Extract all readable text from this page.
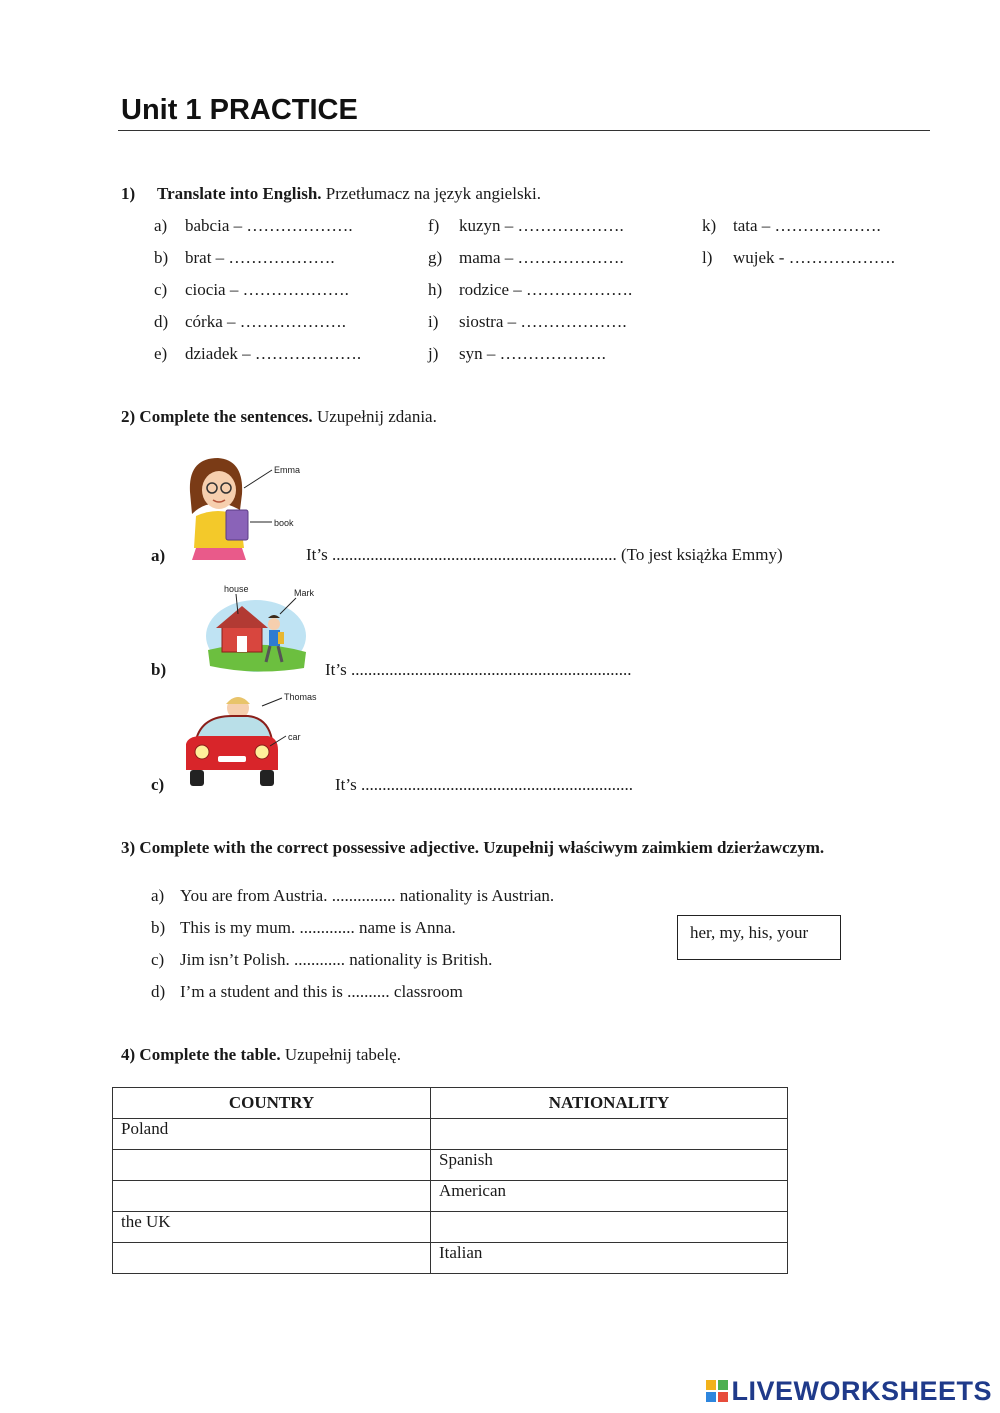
Unit 1 PRACTICE
1) Translate into English. Przetłumacz na język angielski.
a) babcia – ……………….
b) brat – ……………….
c) ciocia – ……………….
d) córka – ……………….
e) dziadek – ……………….
f) kuzyn – ……………….
g) mama – ……………….
h) rodzice – ……………….
i) siostra – ……………….
j) syn – ……………….
k) tata – ……………….
l) wujek - ……………….
2) Complete the sentences. Uzupełnij zdania.
Emma
book
a)	It’s ................................................................... (To jest książka Emmy)
house	Mark
b)	It’s ..................................................................
Thomas
car
c)	It’s ................................................................
3) Complete with the correct possessive adjective. Uzupełnij właściwym zaimkiem dzierżawczym.
a) You are from Austria. ............... nationality is Austrian.
b) This is my mum. ............. name is Anna.
c) Jim isn’t Polish. ............ nationality is British.
d) I’m a student and this is .......... classroom
her, my, his, your
4) Complete the table. Uzupełnij tabelę.
COUNTRY	NATIONALITY
Poland	
	Spanish
	American
the UK	
	Italian
LIVEWORKSHEETS
